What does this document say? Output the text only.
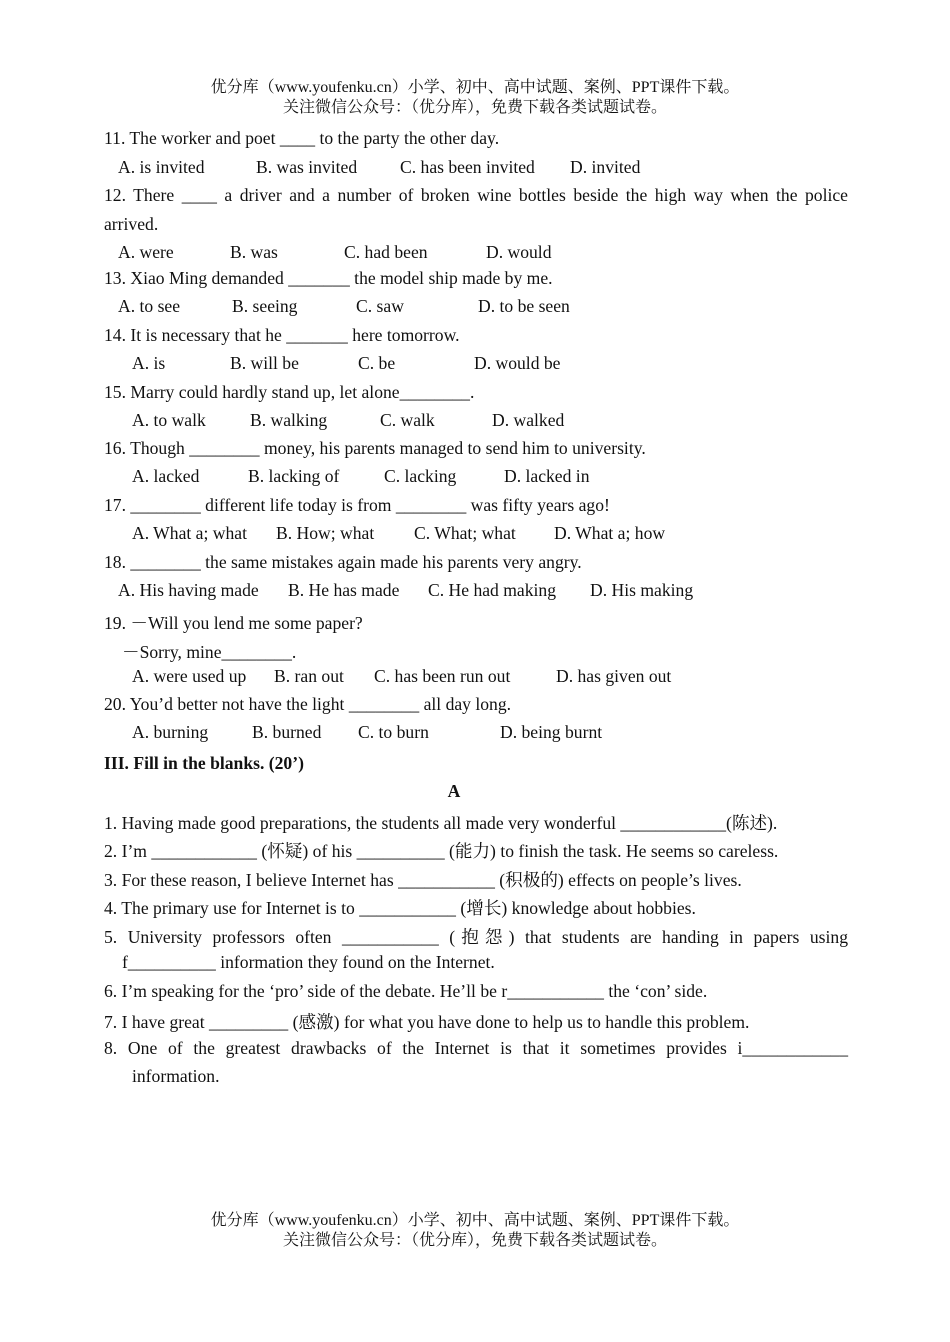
优分库（www.youfenku.cn）小学、初中、高中试题、案例、PPT课件下载。
关注微信公众号：（优分库），免费下载各类试题试卷。
11. The worker and poet ____ to the party the other day.
A. is invited	B. was invited C. has been invited D. invited
12. There ____ a driver and a number of broken wine bottles beside the high way when the police
arrived.
A. were	B. was	C. had been	D. would
13. Xiao Ming demanded _______ the model ship made by me.
A. to see	B. seeing	C. saw	D. to be seen
14. It is necessary that he _______ here tomorrow.
A. is	B. will be	C. be	D. would be
15. Marry could hardly stand up, let alone________.
A. to walk	B. walking	C. walk	D. walked
16. Though ________ money, his parents managed to send him to university.
A. lacked	B. lacking of	C. lacking	D. lacked in
17. ________ different life today is from ________ was fifty years ago!
A. What a; what B. How; what C. What; what D. What a; how
18. ________ the same mistakes again made his parents very angry.
A. His having made B. He has made C. He had making D. His making
19. －Will you lend me some paper?
－Sorry, mine________.
A. were used up B. ran out C. has been run out	D. has given out
20. You’d better not have the light ________ all day long.
A. burning B. burned C. to burn	D. being burnt
III. Fill in the blanks. (20’)
A
1. Having made good preparations, the students all made very wonderful ____________(陈述).
2. I’m ____________ (怀疑) of his __________ (能力) to finish the task. He seems so careless.
3. For these reason, I believe Internet has ___________ (积极的) effects on people’s lives.
4. The primary use for Internet is to ___________ (增长) knowledge about hobbies.
5. University professors often ___________ (抱怨) that students are handing in papers using
f__________ information they found on the Internet.
6. I’m speaking for the ‘pro’ side of the debate. He’ll be r___________ the ‘con’ side.
7. I have great _________ (感激) for what you have done to help us to handle this problem.
8. One of the greatest drawbacks of the Internet is that it sometimes provides i____________
information.
优分库（www.youfenku.cn）小学、初中、高中试题、案例、PPT课件下载。
关注微信公众号：（优分库），免费下载各类试题试卷。
